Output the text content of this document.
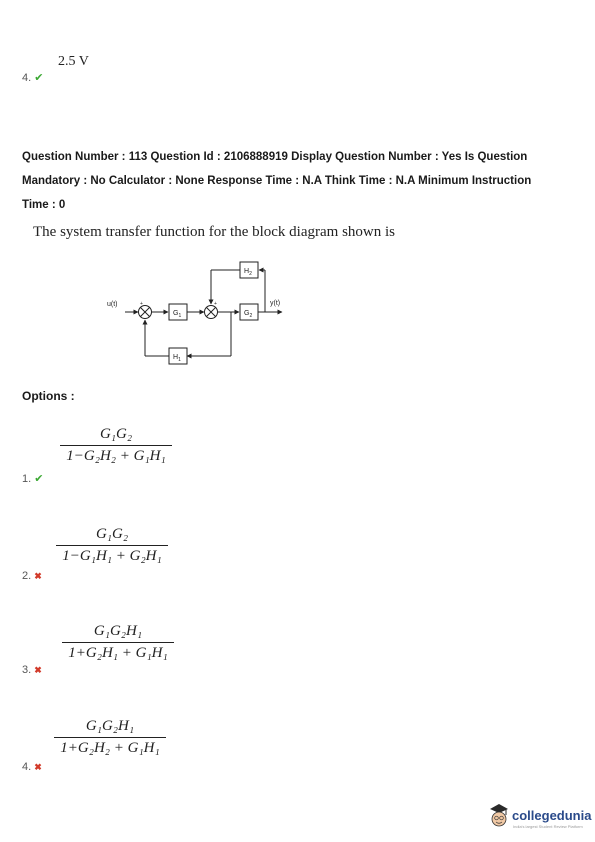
2.5 V
4. ✔
Question Number : 113 Question Id : 2106888919 Display Question Number : Yes Is Question
Mandatory : No Calculator : None Response Time : N.A Think Time : N.A Minimum Instruction
Time : 0
The system transfer function for the block diagram shown is
u(t)	y(t)
$G_1$	$G_2$
$H_2$
$H_1$
+	+
Options :
G₁G₂
1−G₂H₂ + G₁H₁
1. ✔
G₁G₂
1−G₁H₁ + G₂H₁
2. ✖
G₁G₂H₁
1+G₂H₁ + G₁H₁
3. ✖
G₁G₂H₁
1+G₂H₂ + G₁H₁
4. ✖
collegedunia
India's largest Student Review Platform
